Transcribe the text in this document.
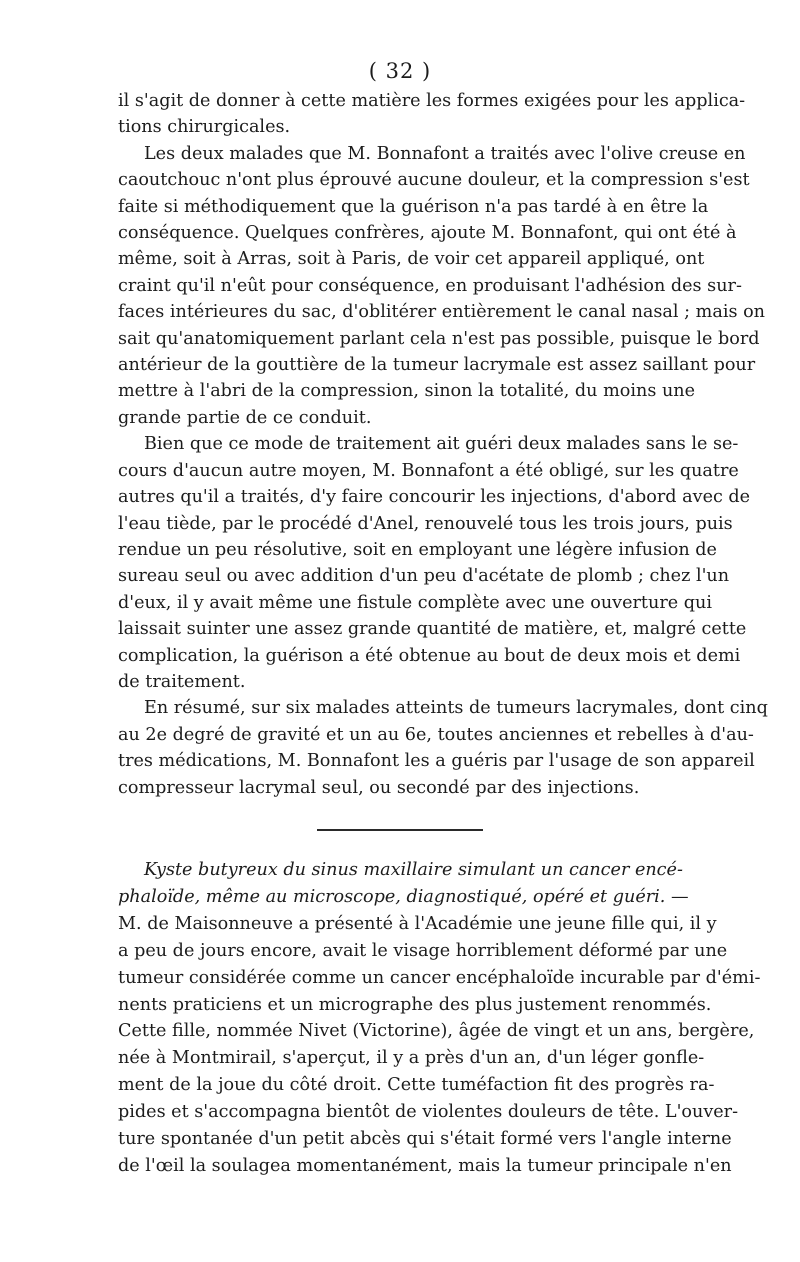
( 32 )

il s'agit de donner à cette matière les formes exigées pour les applica-
tions chirurgicales.

Les deux malades que M. Bonnafont a traités avec l'olive creuse en
caoutchouc n'ont plus éprouvé aucune douleur, et la compression s'est
faite si méthodiquement que la guérison n'a pas tardé à en être la
conséquence. Quelques confrères, ajoute M. Bonnafont, qui ont été à
même, soit à Arras, soit à Paris, de voir cet appareil appliqué, ont
craint qu'il n'eût pour conséquence, en produisant l'adhésion des sur-
faces intérieures du sac, d'oblitérer entièrement le canal nasal ; mais on
sait qu'anatomiquement parlant cela n'est pas possible, puisque le bord
antérieur de la gouttière de la tumeur lacrymale est assez saillant pour
mettre à l'abri de la compression, sinon la totalité, du moins une
grande partie de ce conduit.

Bien que ce mode de traitement ait guéri deux malades sans le se-
cours d'aucun autre moyen, M. Bonnafont a été obligé, sur les quatre
autres qu'il a traités, d'y faire concourir les injections, d'abord avec de
l'eau tiède, par le procédé d'Anel, renouvelé tous les trois jours, puis
rendue un peu résolutive, soit en employant une légère infusion de
sureau seul ou avec addition d'un peu d'acétate de plomb ; chez l'un
d'eux, il y avait même une fistule complète avec une ouverture qui
laissait suinter une assez grande quantité de matière, et, malgré cette
complication, la guérison a été obtenue au bout de deux mois et demi
de traitement.

En résumé, sur six malades atteints de tumeurs lacrymales, dont cinq
au 2e degré de gravité et un au 6e, toutes anciennes et rebelles à d'au-
tres médications, M. Bonnafont les a guéris par l'usage de son appareil
compresseur lacrymal seul, ou secondé par des injections.

Kyste butyreux du sinus maxillaire simulant un cancer encé-
phaloïde, même au microscope, diagnostiqué, opéré et guéri. —
M. de Maisonneuve a présenté à l'Académie une jeune fille qui, il y
a peu de jours encore, avait le visage horriblement déformé par une
tumeur considérée comme un cancer encéphaloïde incurable par d'émi-
nents praticiens et un micrographe des plus justement renommés.
Cette fille, nommée Nivet (Victorine), âgée de vingt et un ans, bergère,
née à Montmirail, s'aperçut, il y a près d'un an, d'un léger gonfle-
ment de la joue du côté droit. Cette tuméfaction fit des progrès ra-
pides et s'accompagna bientôt de violentes douleurs de tête. L'ouver-
ture spontanée d'un petit abcès qui s'était formé vers l'angle interne
de l'œil la soulagea momentanément, mais la tumeur principale n'en
